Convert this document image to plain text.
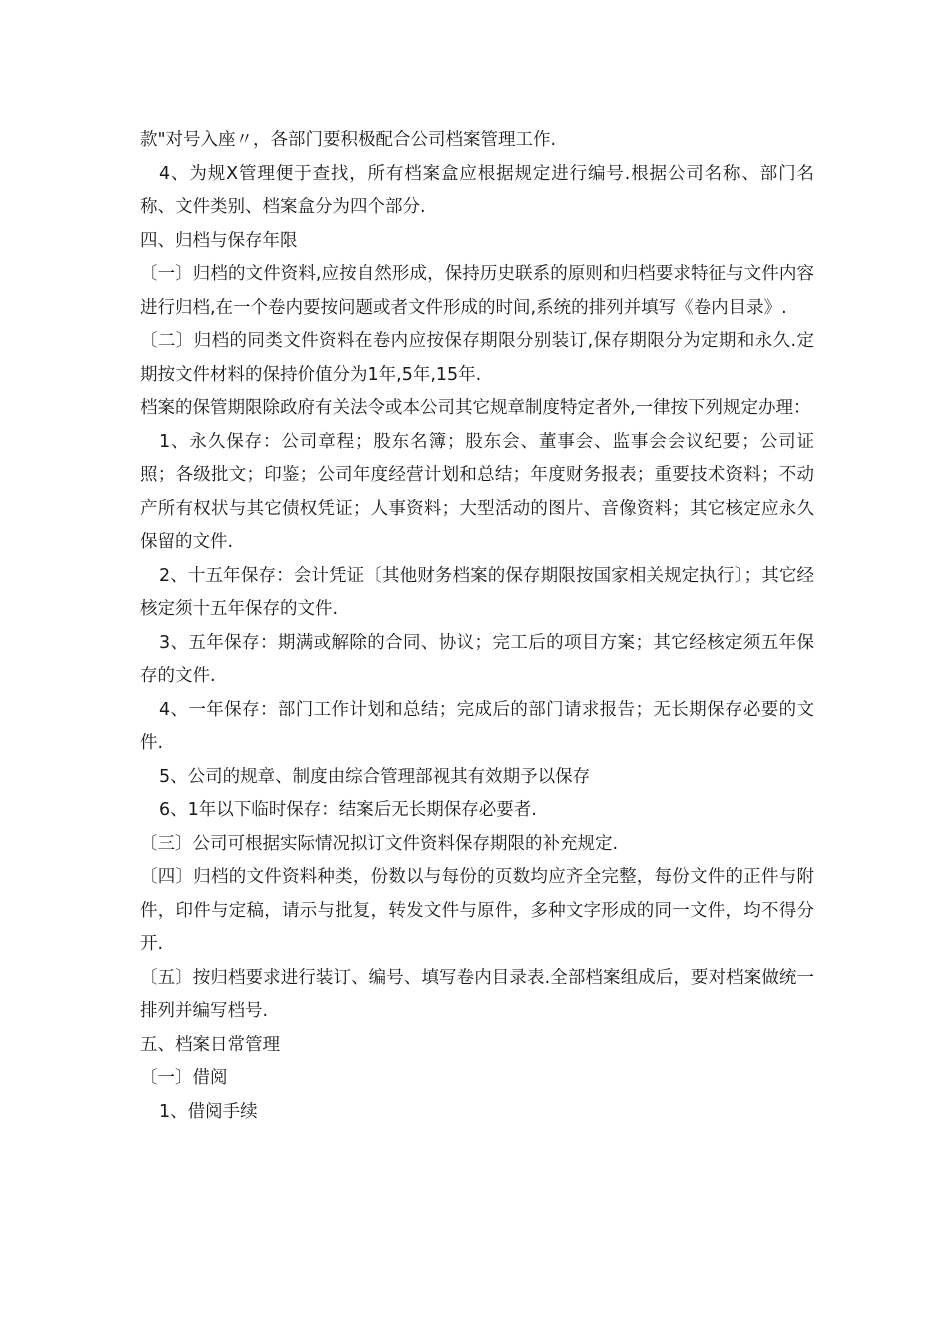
款"对号入座〃，各部门要积极配合公司档案管理工作.

4、为规X管理便于查找，所有档案盒应根据规定进行编号.根据公司名称、部门名称、文件类别、档案盒分为四个部分.

四、归档与保存年限

〔一〕归档的文件资料,应按自然形成，保持历史联系的原则和归档要求特征与文件内容进行归档,在一个卷内要按问题或者文件形成的时间,系统的排列并填写《卷内目录》.

〔二〕归档的同类文件资料在卷内应按保存期限分别装订,保存期限分为定期和永久.定期按文件材料的保持价值分为1年,5年,15年.

档案的保管期限除政府有关法令或本公司其它规章制度特定者外,一律按下列规定办理：

1、永久保存：公司章程；股东名簿；股东会、董事会、监事会会议纪要；公司证照；各级批文；印鉴；公司年度经营计划和总结；年度财务报表；重要技术资料；不动产所有权状与其它债权凭证；人事资料；大型活动的图片、音像资料；其它核定应永久保留的文件.

2、十五年保存：会计凭证〔其他财务档案的保存期限按国家相关规定执行〕；其它经核定须十五年保存的文件.

3、五年保存：期满或解除的合同、协议；完工后的项目方案；其它经核定须五年保存的文件.

4、一年保存：部门工作计划和总结；完成后的部门请求报告；无长期保存必要的文件.

5、公司的规章、制度由综合管理部视其有效期予以保存

6、1年以下临时保存：结案后无长期保存必要者.

〔三〕公司可根据实际情况拟订文件资料保存期限的补充规定.

〔四〕归档的文件资料种类，份数以与每份的页数均应齐全完整，每份文件的正件与附件，印件与定稿，请示与批复，转发文件与原件，多种文字形成的同一文件，均不得分开.

〔五〕按归档要求进行装订、编号、填写卷内目录表.全部档案组成后，要对档案做统一排列并编写档号.

五、档案日常管理

〔一〕借阅

1、借阅手续
